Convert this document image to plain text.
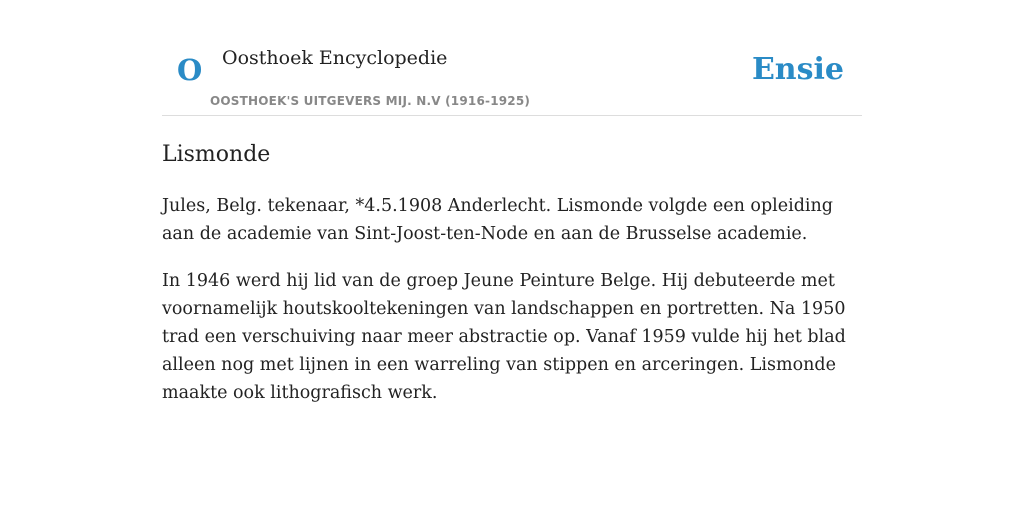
O Oosthoek Encyclopedie
OOSTHOEK'S UITGEVERS MIJ. N.V (1916-1925)
Ensie
Lismonde

Jules, Belg. tekenaar, *4.5.1908 Anderlecht. Lismonde volgde een opleiding aan de academie van Sint-Joost-ten-Node en aan de Brusselse academie.

In 1946 werd hij lid van de groep Jeune Peinture Belge. Hij debuteerde met voornamelijk houtskooltekeningen van landschappen en portretten. Na 1950 trad een verschuiving naar meer abstractie op. Vanaf 1959 vulde hij het blad alleen nog met lijnen in een warreling van stippen en arceringen. Lismonde maakte ook lithografisch werk.
